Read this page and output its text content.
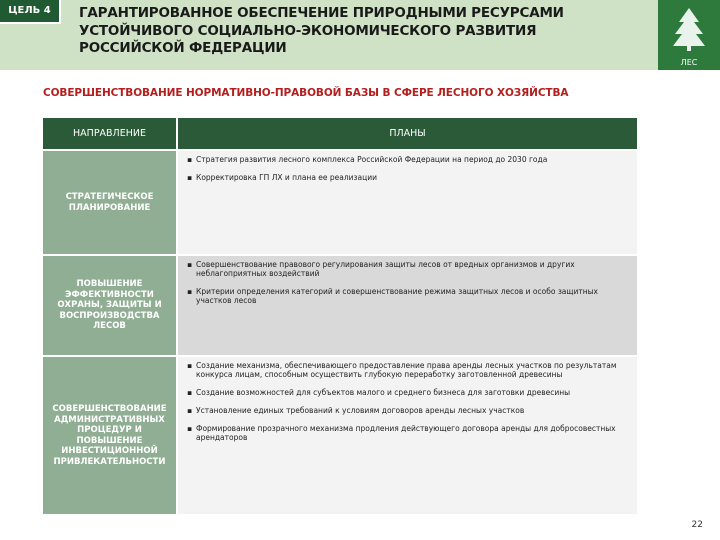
ЦЕЛЬ 4	ГАРАНТИРОВАННОЕ ОБЕСПЕЧЕНИЕ ПРИРОДНЫМИ РЕСУРСАМИ
УСТОЙЧИВОГО СОЦИАЛЬНО-ЭКОНОМИЧЕСКОГО РАЗВИТИЯ
РОССИЙСКОЙ ФЕДЕРАЦИИ
ЛЕС
СОВЕРШЕНСТВОВАНИЕ НОРМАТИВНО-ПРАВОВОЙ БАЗЫ В СФЕРЕ ЛЕСНОГО ХОЗЯЙСТВА
НАПРАВЛЕНИЕ	ПЛАНЫ
СТРАТЕГИЧЕСКОЕ
ПЛАНИРОВАНИЕ
▪ Стратегия развития лесного комплекса Российской Федерации на период до 2030 года
▪ Корректировка ГП ЛХ и плана ее реализации
ПОВЫШЕНИЕ
ЭФФЕКТИВНОСТИ
ОХРАНЫ, ЗАЩИТЫ И
ВОСПРОИЗВОДСТВА
ЛЕСОВ
▪ Совершенствование правового регулирования защиты лесов от вредных организмов и других неблагоприятных воздействий
▪ Критерии определения категорий и совершенствование режима защитных лесов и особо защитных участков лесов
СОВЕРШЕНСТВОВАНИЕ
АДМИНИСТРАТИВНЫХ
ПРОЦЕДУР И
ПОВЫШЕНИЕ
ИНВЕСТИЦИОННОЙ
ПРИВЛЕКАТЕЛЬНОСТИ
▪ Создание механизма, обеспечивающего предоставление права аренды лесных участков по результатам конкурса лицам, способным осуществить глубокую переработку заготовленной древесины
▪ Создание возможностей для субъектов малого и среднего бизнеса для заготовки древесины
▪ Установление единых требований к условиям договоров аренды лесных участков
▪ Формирование прозрачного механизма продления действующего договора аренды для добросовестных арендаторов
22
